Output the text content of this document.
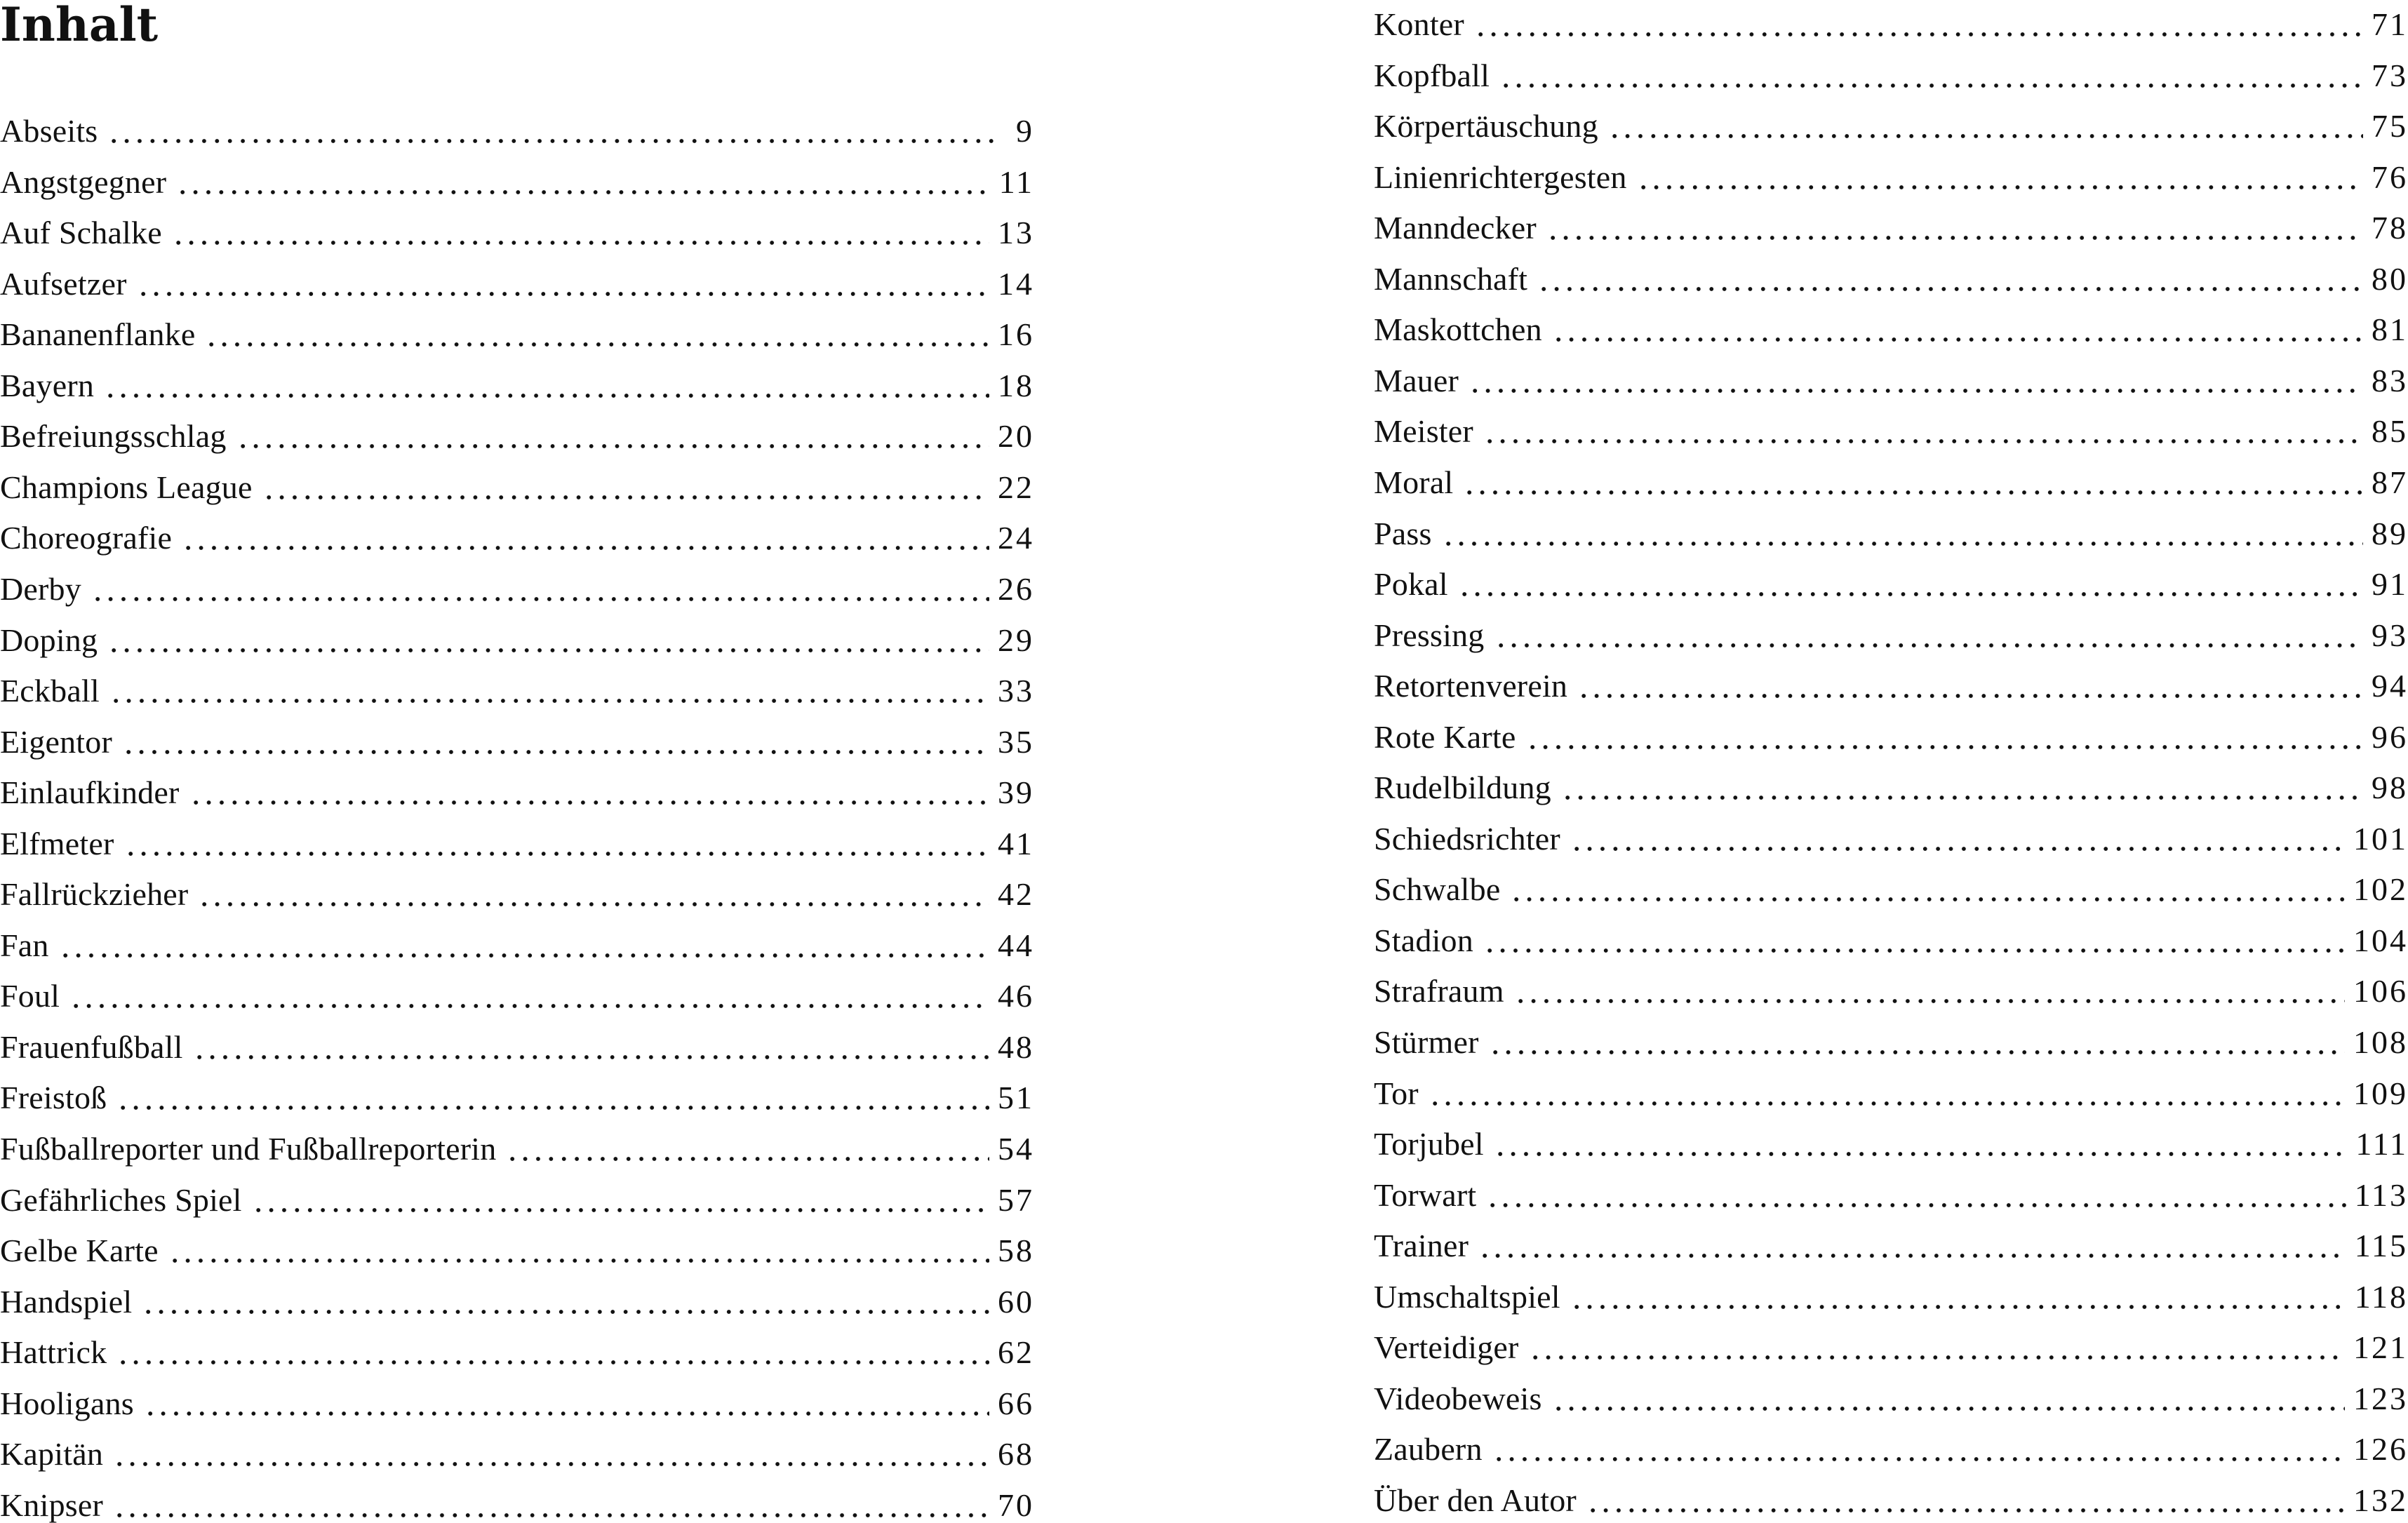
Inhalt
Abseits	9
Angstgegner	11
Auf Schalke	13
Aufsetzer	14
Bananenflanke	16
Bayern	18
Befreiungsschlag	20
Champions League	22
Choreografie	24
Derby	26
Doping	29
Eckball	33
Eigentor	35
Einlaufkinder	39
Elfmeter	41
Fallrückzieher	42
Fan	44
Foul	46
Frauenfußball	48
Freistoß	51
Fußballreporter und Fußballreporterin	54
Gefährliches Spiel	57
Gelbe Karte	58
Handspiel	60
Hattrick	62
Hooligans	66
Kapitän	68
Knipser	70
Konter	71
Kopfball	73
Körpertäuschung	75
Linienrichtergesten	76
Manndecker	78
Mannschaft	80
Maskottchen	81
Mauer	83
Meister	85
Moral	87
Pass	89
Pokal	91
Pressing	93
Retortenverein	94
Rote Karte	96
Rudelbildung	98
Schiedsrichter	101
Schwalbe	102
Stadion	104
Strafraum	106
Stürmer	108
Tor	109
Torjubel	111
Torwart	113
Trainer	115
Umschaltspiel	118
Verteidiger	121
Videobeweis	123
Zaubern	126
Über den Autor	132
